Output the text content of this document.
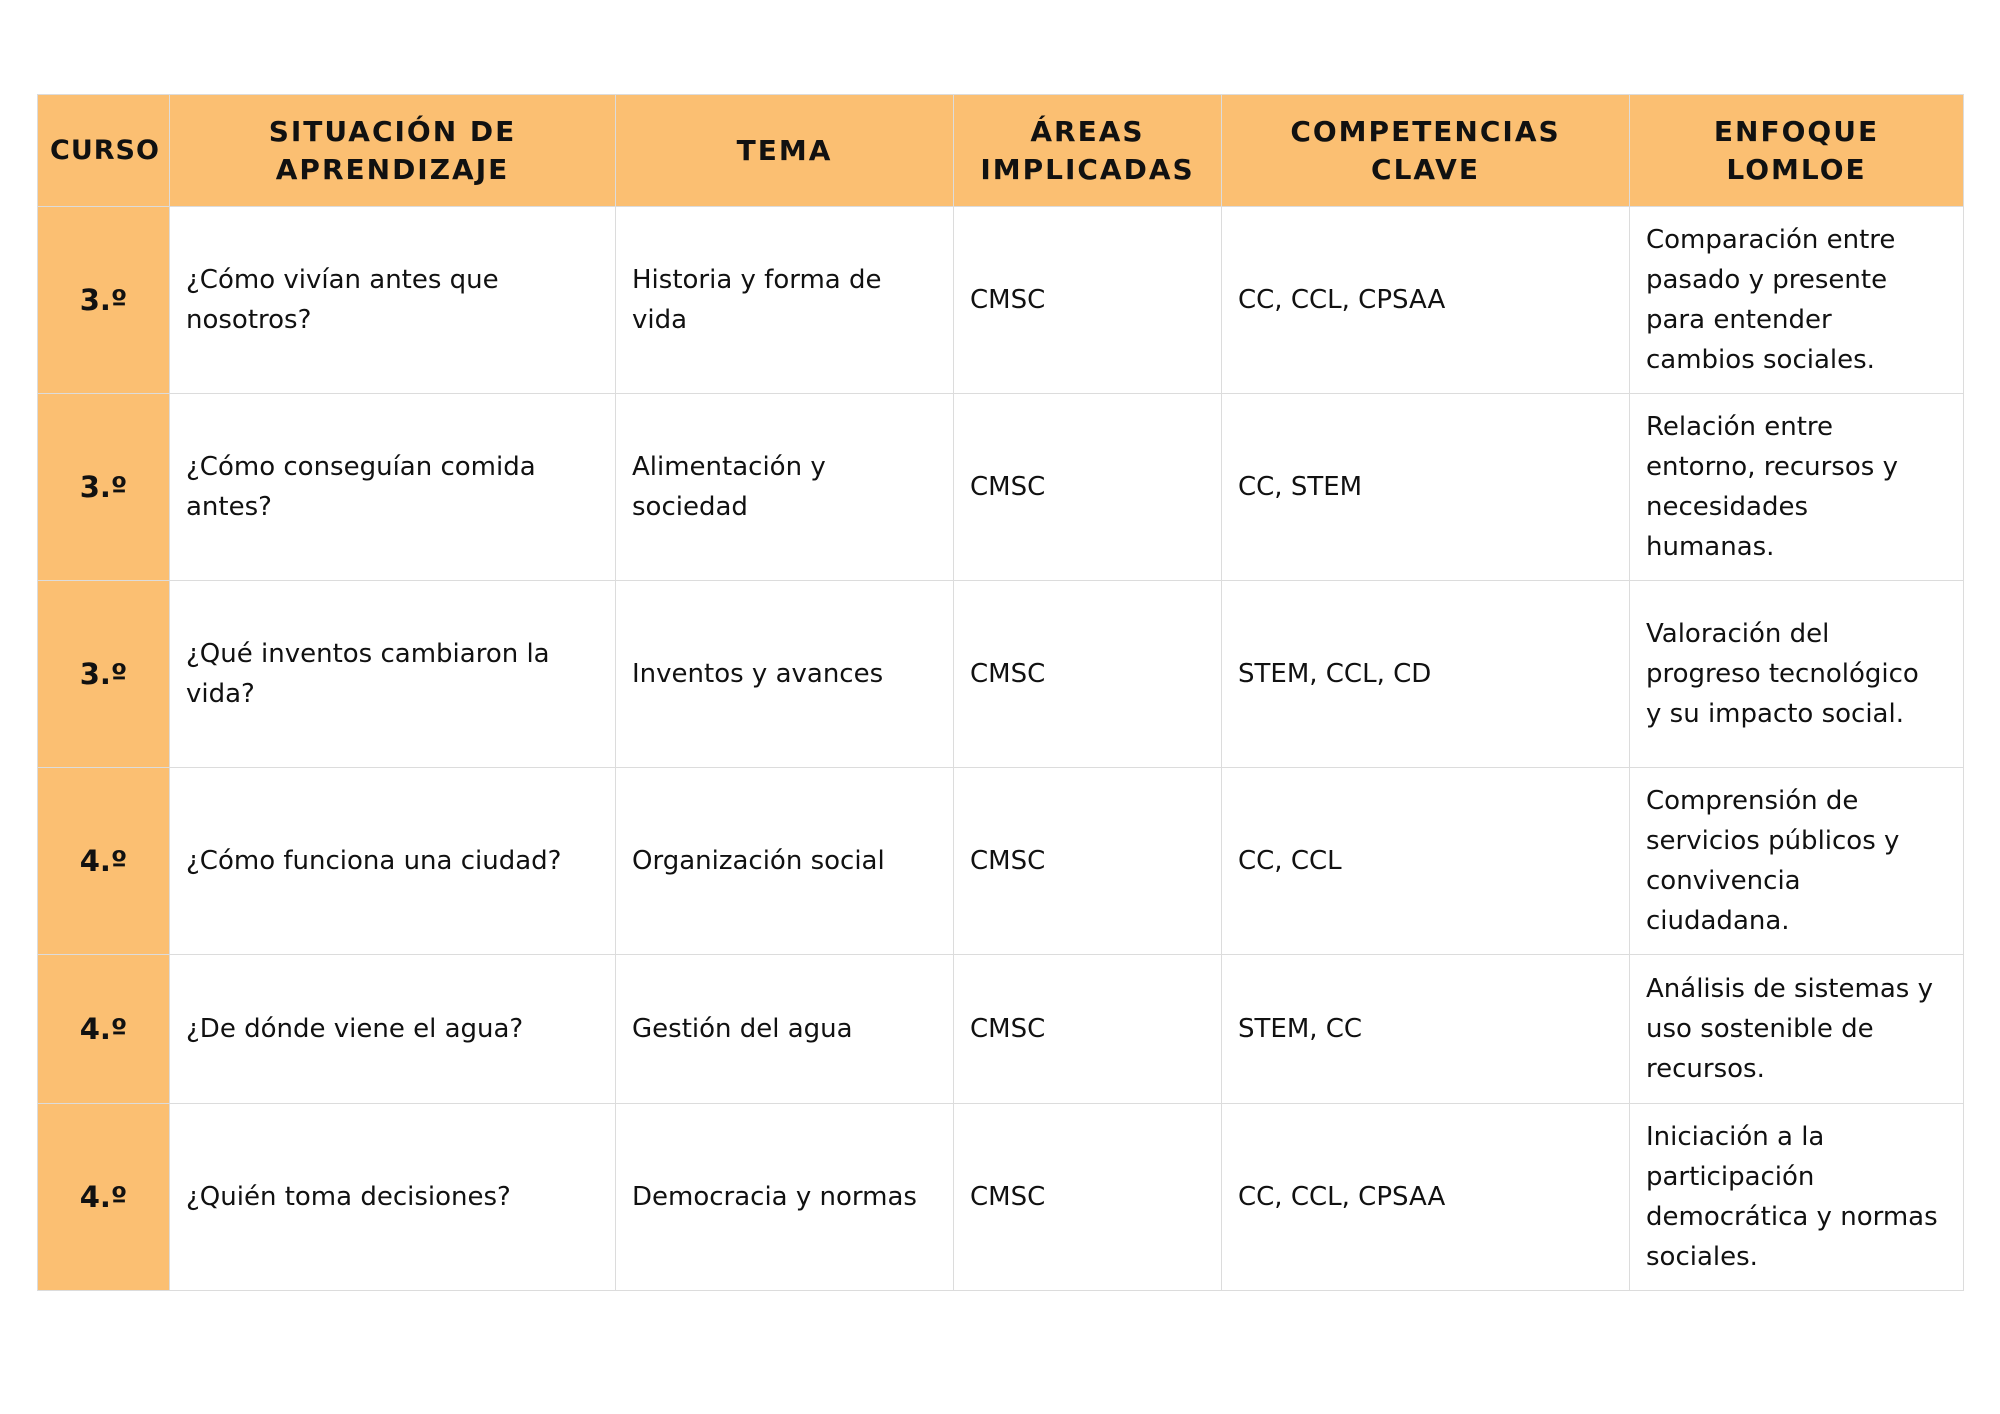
CURSO	SITUACIÓN DE APRENDIZAJE	TEMA	ÁREAS IMPLICADAS	COMPETENCIAS CLAVE	ENFOQUE LOMLOE
3.º	¿Cómo vivían antes que nosotros?	Historia y forma de vida	CMSC	CC, CCL, CPSAA	Comparación entre pasado y presente para entender cambios sociales.
3.º	¿Cómo conseguían comida antes?	Alimentación y sociedad	CMSC	CC, STEM	Relación entre entorno, recursos y necesidades humanas.
3.º	¿Qué inventos cambiaron la vida?	Inventos y avances	CMSC	STEM, CCL, CD	Valoración del progreso tecnológico y su impacto social.
4.º	¿Cómo funciona una ciudad?	Organización social	CMSC	CC, CCL	Comprensión de servicios públicos y convivencia ciudadana.
4.º	¿De dónde viene el agua?	Gestión del agua	CMSC	STEM, CC	Análisis de sistemas y uso sostenible de recursos.
4.º	¿Quién toma decisiones?	Democracia y normas	CMSC	CC, CCL, CPSAA	Iniciación a la participación democrática y normas sociales.
